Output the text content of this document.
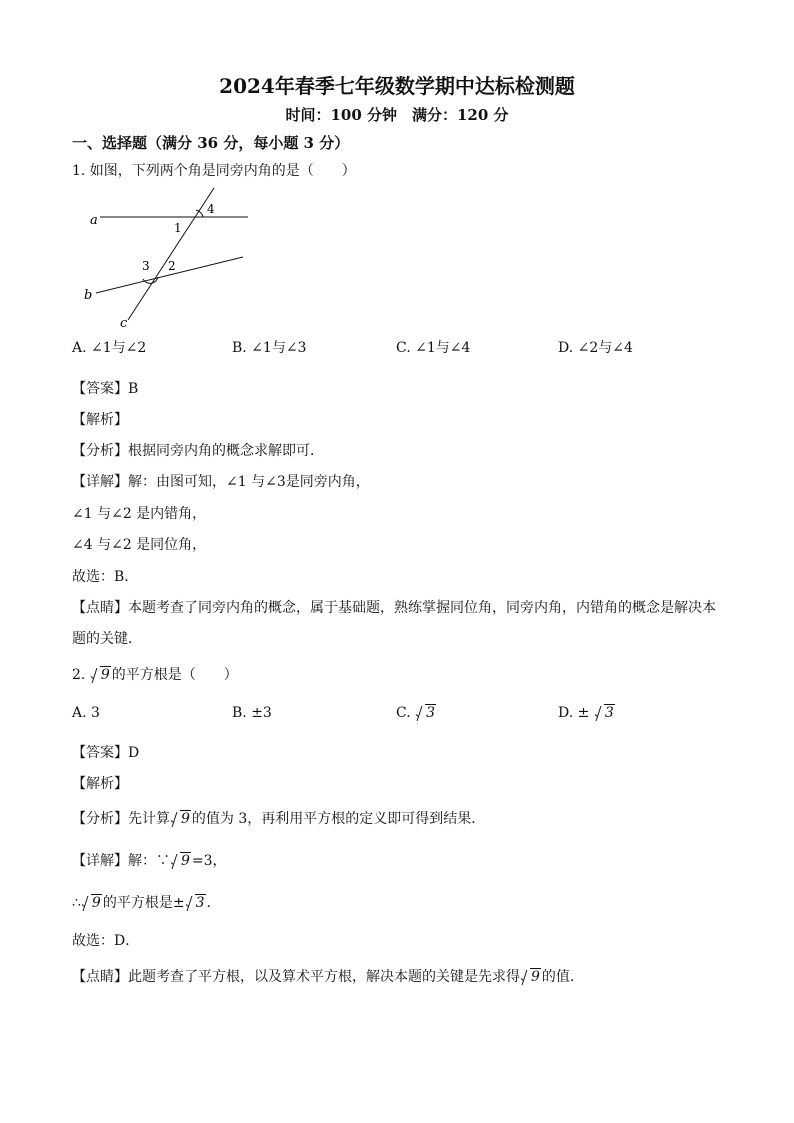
2024年春季七年级数学期中达标检测题
时间：100 分钟　满分：120 分
一、选择题（满分 36 分，每小题 3 分）
1. 如图，下列两个角是同旁内角的是（　　）
a
b
c
1
2
3
4
A. ∠1与∠2	B. ∠1与∠3	C. ∠1与∠4	D. ∠2与∠4
【答案】B
【解析】
【分析】根据同旁内角的概念求解即可．
【详解】解：由图可知，∠1 与∠3是同旁内角，
∠1 与∠2 是内错角，
∠4 与∠2 是同位角，
故选：B．
【点睛】本题考查了同旁内角的概念，属于基础题，熟练掌握同位角，同旁内角，内错角的概念是解决本
题的关键．
2. 9 的平方根是（　　）
A. 3	B. ±3	C. 3	D. ± 3
【答案】D
【解析】
【分析】先计算 9 的值为 3，再利用平方根的定义即可得到结果．
【详解】解：∵ 9 =3，
∴ 9 的平方根是± 3 ．
故选：D．
【点睛】此题考查了平方根，以及算术平方根，解决本题的关键是先求得 9 的值.
